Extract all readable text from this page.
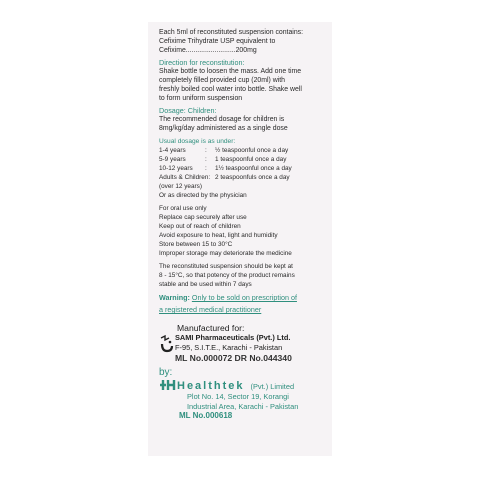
Each 5ml of reconstituted suspension contains:
Cefixime Trihydrate USP equivalent to
Cefixime..........................200mg
Direction for reconstitution:
Shake bottle to loosen the mass. Add one time
completely filled provided cup (20ml) with
freshly boiled cool water into bottle. Shake well
to form uniform suspension
Dosage: Children:
The recommended dosage for children is
8mg/kg/day administered as a single dose
Usual dosage is as under:
1-4 years	:	½ teaspoonful once a day
5-9 years	:	1 teaspoonful once a day
10-12 years	:	1½ teaspoonful once a day
Adults & Children: 2 teaspoonfuls once a day
(over 12 years)
Or as directed by the physician
For oral use only
Replace cap securely after use
Keep out of reach of children
Avoid exposure to heat, light and humidity
Store between 15 to 30°C
Improper storage may deteriorate the medicine
The reconstituted suspension should be kept at
8 - 15°C, so that potency of the product remains
stable and be used within 7 days
Warning: Only to be sold on prescription of
a registered medical practitioner
Manufactured for:
SAMI Pharmaceuticals (Pvt.) Ltd.
F-95, S.I.T.E., Karachi - Pakistan
ML No.000072 DR No.044340
by:
Healthtek (Pvt.) Limited
Plot No. 14, Sector 19, Korangi
Industrial Area, Karachi - Pakistan
ML No.000618
